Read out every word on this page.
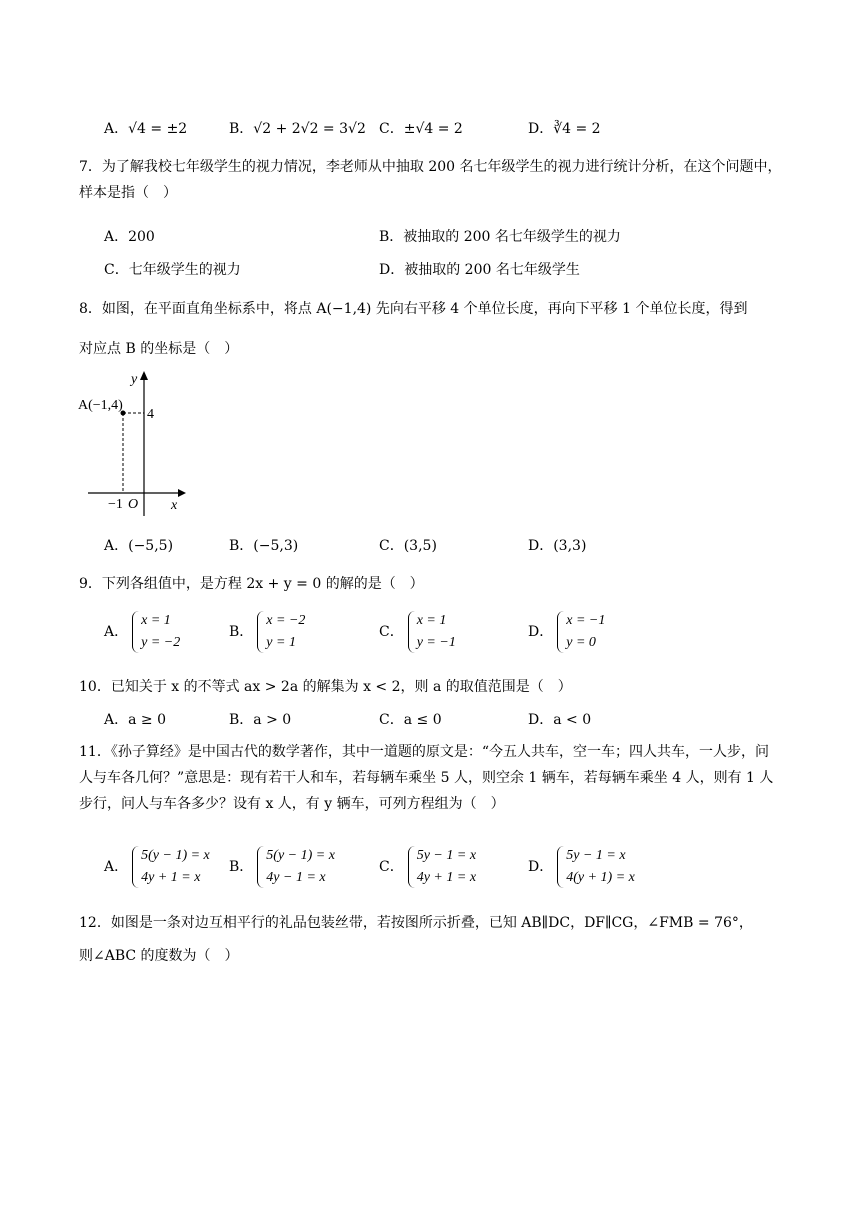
A．√4 = ±2	B．√2 + 2√2 = 3√2 C．±√4 = 2	D．∛4 = 2
7．为了解我校七年级学生的视力情况，李老师从中抽取 200 名七年级学生的视力进行统计分析，在这个问题中，样本是指（　）
A．200	B．被抽取的 200 名七年级学生的视力
C．七年级学生的视力	D．被抽取的 200 名七年级学生
8．如图，在平面直角坐标系中，将点 A(−1,4) 先向右平移 4 个单位长度，再向下平移 1 个单位长度，得到
对应点 B 的坐标是（　）
A(−1,4)
4
−1 O x
y
A．(−5,5)	B．(−5,3)	C．(3,5)	D．(3,3)
9．下列各组值中，是方程 2x + y = 0 的解的是（　）
A．
x = 1
y = −2
B．
x = −2
y = 1
C．
x = 1
y = −1
D．
x = −1
y = 0
10．已知关于 x 的不等式 ax > 2a 的解集为 x < 2，则 a 的取值范围是（　）
A．a ≥ 0	B．a > 0	C．a ≤ 0	D．a < 0
11．《孙子算经》是中国古代的数学著作，其中一道题的原文是：“今五人共车，空一车；四人共车，一人步，问人与车各几何？”意思是：现有若干人和车，若每辆车乘坐 5 人，则空余 1 辆车，若每辆车乘坐 4 人，则有 1 人步行，问人与车各多少？设有 x 人，有 y 辆车，可列方程组为（　）
A．
5(y − 1) = x
4y + 1 = x
B．
5(y − 1) = x
4y − 1 = x
C．
5y − 1 = x
4y + 1 = x
D．
5y − 1 = x
4(y + 1) = x
12．如图是一条对边互相平行的礼品包装丝带，若按图所示折叠，已知 AB∥DC，DF∥CG，∠FMB = 76°，
则∠ABC 的度数为（　）
